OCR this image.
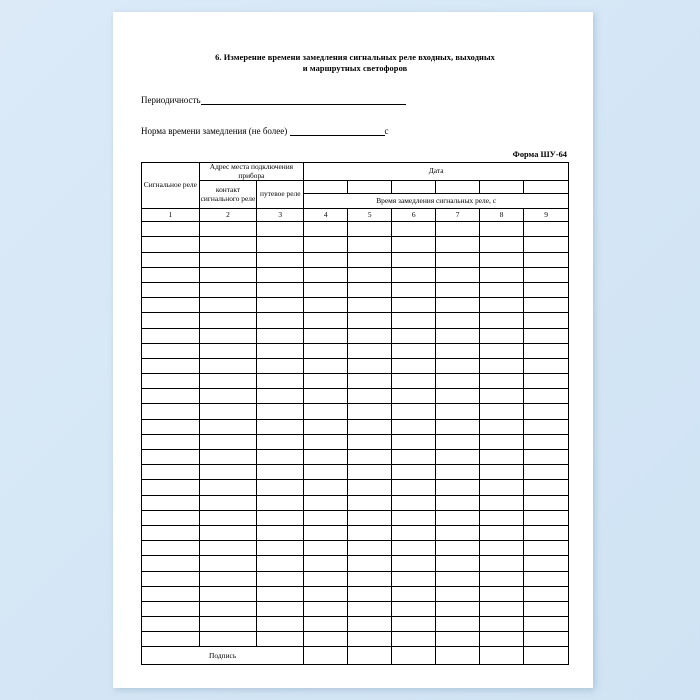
6. Измерение времени замедления сигнальных реле входных, выходных
и маршрутных светофоров
Периодичность
Норма времени замедления (не более)	с
Форма ШУ-64
Сигнальное реле	Адрес места подключения прибора		Дата					
	контакт сигнального реле	путевое реле						
			Время замедления сигнальных реле, с					
1	2	3	4	5	6	7	8	9

Подпись								
